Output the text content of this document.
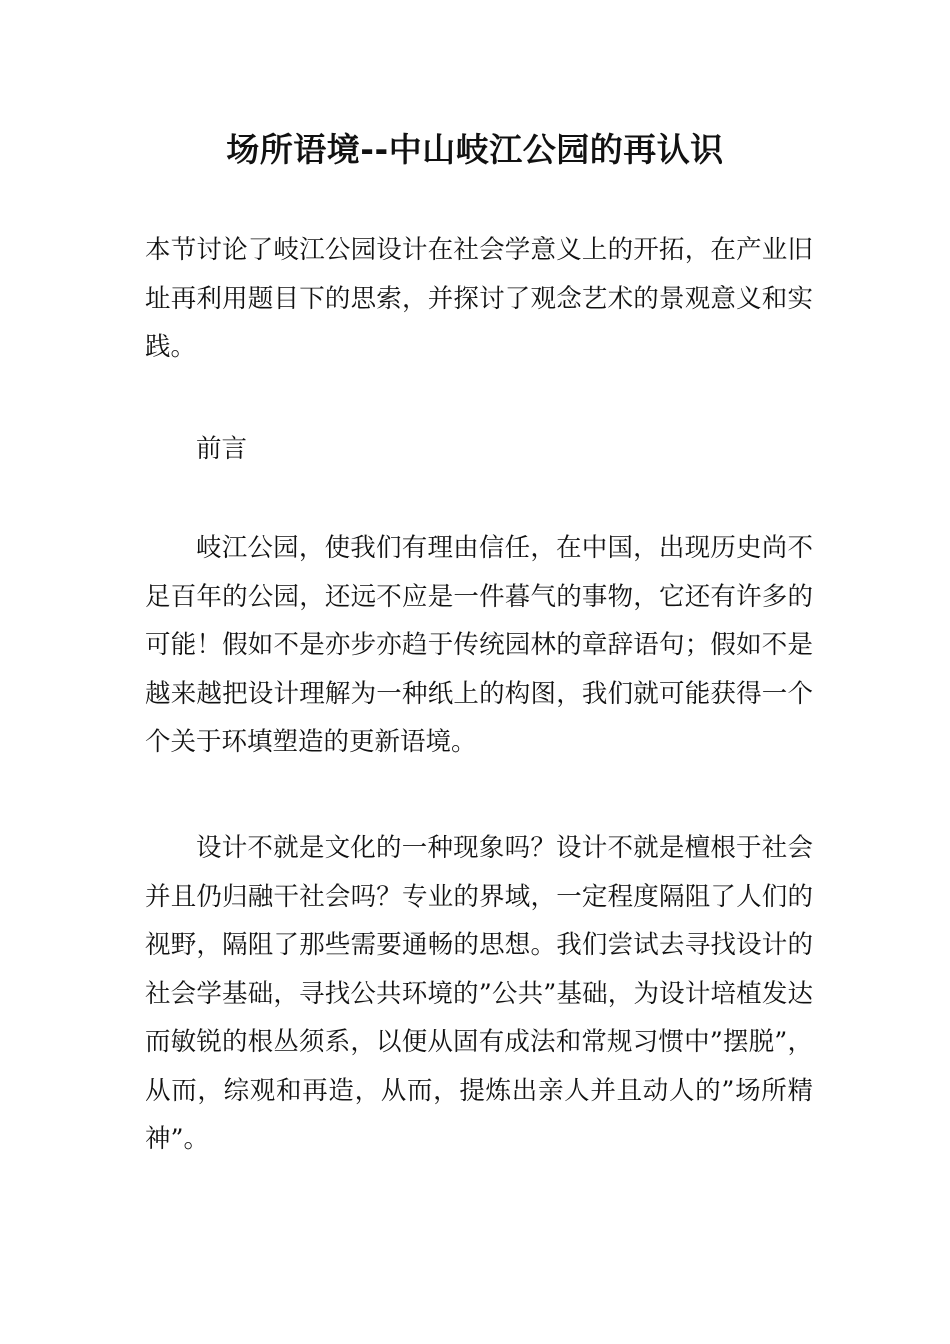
场所语境--中山岐江公园的再认识

本节讨论了岐江公园设计在社会学意义上的开拓，在产业旧址再利用题目下的思索，并探讨了观念艺术的景观意义和实践。

前言

岐江公园，使我们有理由信任，在中国，出现历史尚不足百年的公园，还远不应是一件暮气的事物，它还有许多的可能！假如不是亦步亦趋于传统园林的章辞语句；假如不是越来越把设计理解为一种纸上的构图，我们就可能获得一个个关于环填塑造的更新语境。

设计不就是文化的一种现象吗？设计不就是檀根于社会并且仍归融干社会吗？专业的界域，一定程度隔阻了人们的视野，隔阻了那些需要通畅的思想。我们尝试去寻找设计的社会学基础，寻找公共环境的”公共”基础，为设计培植发达而敏锐的根丛须系，以便从固有成法和常规习惯中”摆脱”，从而，综观和再造，从而，提炼出亲人并且动人的”场所精神”。
